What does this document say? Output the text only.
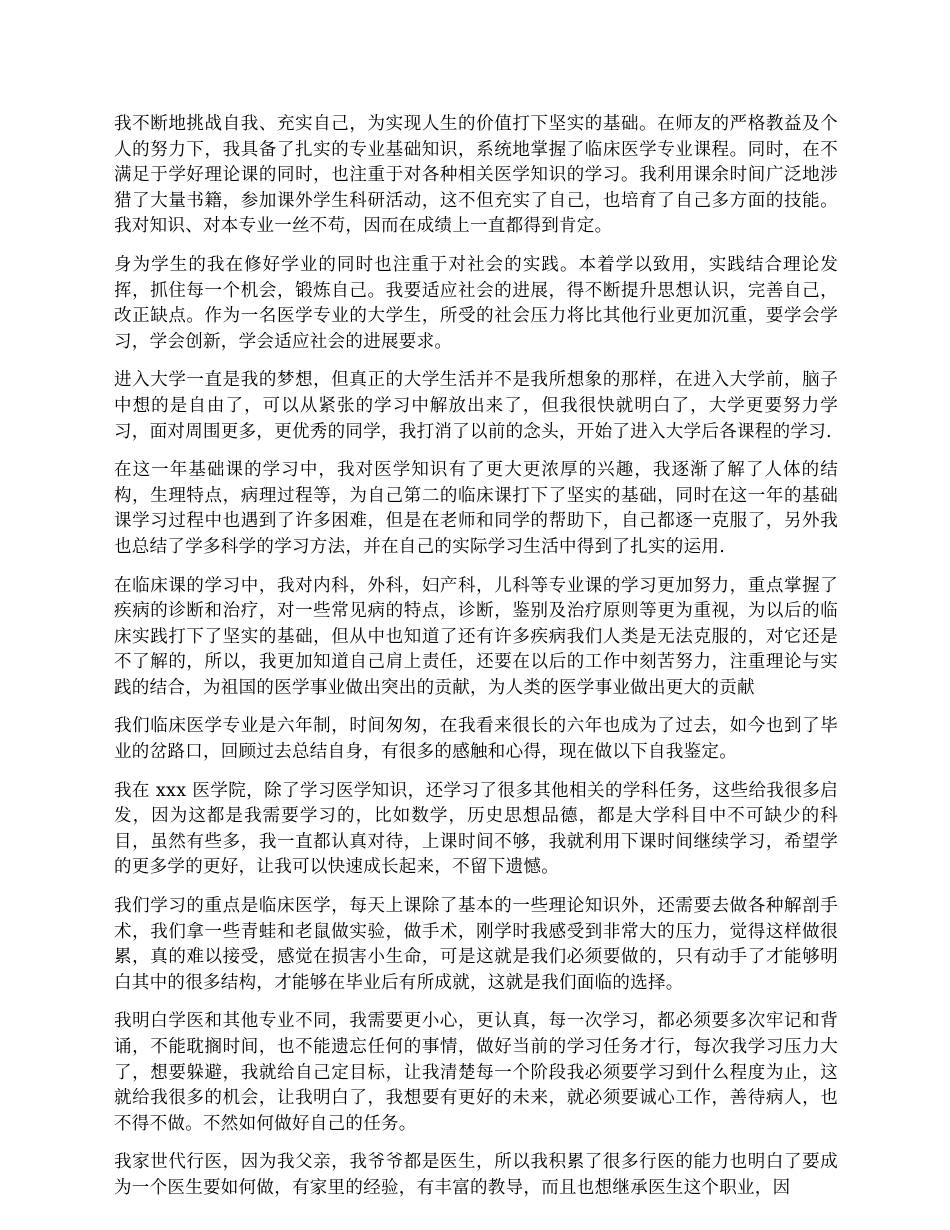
我不断地挑战自我、充实自己，为实现人生的价值打下坚实的基础。在师友的严格教益及个人的努力下，我具备了扎实的专业基础知识，系统地掌握了临床医学专业课程。同时，在不满足于学好理论课的同时，也注重于对各种相关医学知识的学习。我利用课余时间广泛地涉猎了大量书籍，参加课外学生科研活动，这不但充实了自己，也培育了自己多方面的技能。我对知识、对本专业一丝不苟，因而在成绩上一直都得到肯定。

身为学生的我在修好学业的同时也注重于对社会的实践。本着学以致用，实践结合理论发挥，抓住每一个机会，锻炼自己。我要适应社会的进展，得不断提升思想认识，完善自己，改正缺点。作为一名医学专业的大学生，所受的社会压力将比其他行业更加沉重，要学会学习，学会创新，学会适应社会的进展要求。

进入大学一直是我的梦想，但真正的大学生活并不是我所想象的那样，在进入大学前，脑子中想的是自由了，可以从紧张的学习中解放出来了，但我很快就明白了，大学更要努力学习，面对周围更多，更优秀的同学，我打消了以前的念头，开始了进入大学后各课程的学习.

在这一年基础课的学习中，我对医学知识有了更大更浓厚的兴趣，我逐渐了解了人体的结构，生理特点，病理过程等，为自己第二的临床课打下了坚实的基础，同时在这一年的基础课学习过程中也遇到了许多困难，但是在老师和同学的帮助下，自己都逐一克服了，另外我也总结了学多科学的学习方法，并在自己的实际学习生活中得到了扎实的运用.

在临床课的学习中，我对内科，外科，妇产科，儿科等专业课的学习更加努力，重点掌握了疾病的诊断和治疗，对一些常见病的特点，诊断，鉴别及治疗原则等更为重视，为以后的临床实践打下了坚实的基础，但从中也知道了还有许多疾病我们人类是无法克服的，对它还是不了解的，所以，我更加知道自己肩上责任，还要在以后的工作中刻苦努力，注重理论与实践的结合，为祖国的医学事业做出突出的贡献，为人类的医学事业做出更大的贡献

我们临床医学专业是六年制，时间匆匆，在我看来很长的六年也成为了过去，如今也到了毕业的岔路口，回顾过去总结自身，有很多的感触和心得，现在做以下自我鉴定。

我在 xxx 医学院，除了学习医学知识，还学习了很多其他相关的学科任务，这些给我很多启发，因为这都是我需要学习的，比如数学，历史思想品德，都是大学科目中不可缺少的科目，虽然有些多，我一直都认真对待，上课时间不够，我就利用下课时间继续学习，希望学的更多学的更好，让我可以快速成长起来，不留下遗憾。

我们学习的重点是临床医学，每天上课除了基本的一些理论知识外，还需要去做各种解剖手术，我们拿一些青蛙和老鼠做实验，做手术，刚学时我感受到非常大的压力，觉得这样做很累，真的难以接受，感觉在损害小生命，可是这就是我们必须要做的，只有动手了才能够明白其中的很多结构，才能够在毕业后有所成就，这就是我们面临的选择。

我明白学医和其他专业不同，我需要更小心，更认真，每一次学习，都必须要多次牢记和背诵，不能耽搁时间，也不能遗忘任何的事情，做好当前的学习任务才行，每次我学习压力大了，想要躲避，我就给自己定目标，让我清楚每一个阶段我必须要学习到什么程度为止，这就给我很多的机会，让我明白了，我想要有更好的未来，就必须要诚心工作，善待病人，也不得不做。不然如何做好自己的任务。

我家世代行医，因为我父亲，我爷爷都是医生，所以我积累了很多行医的能力也明白了要成为一个医生要如何做，有家里的经验，有丰富的教导，而且也想继承医生这个职业，因
